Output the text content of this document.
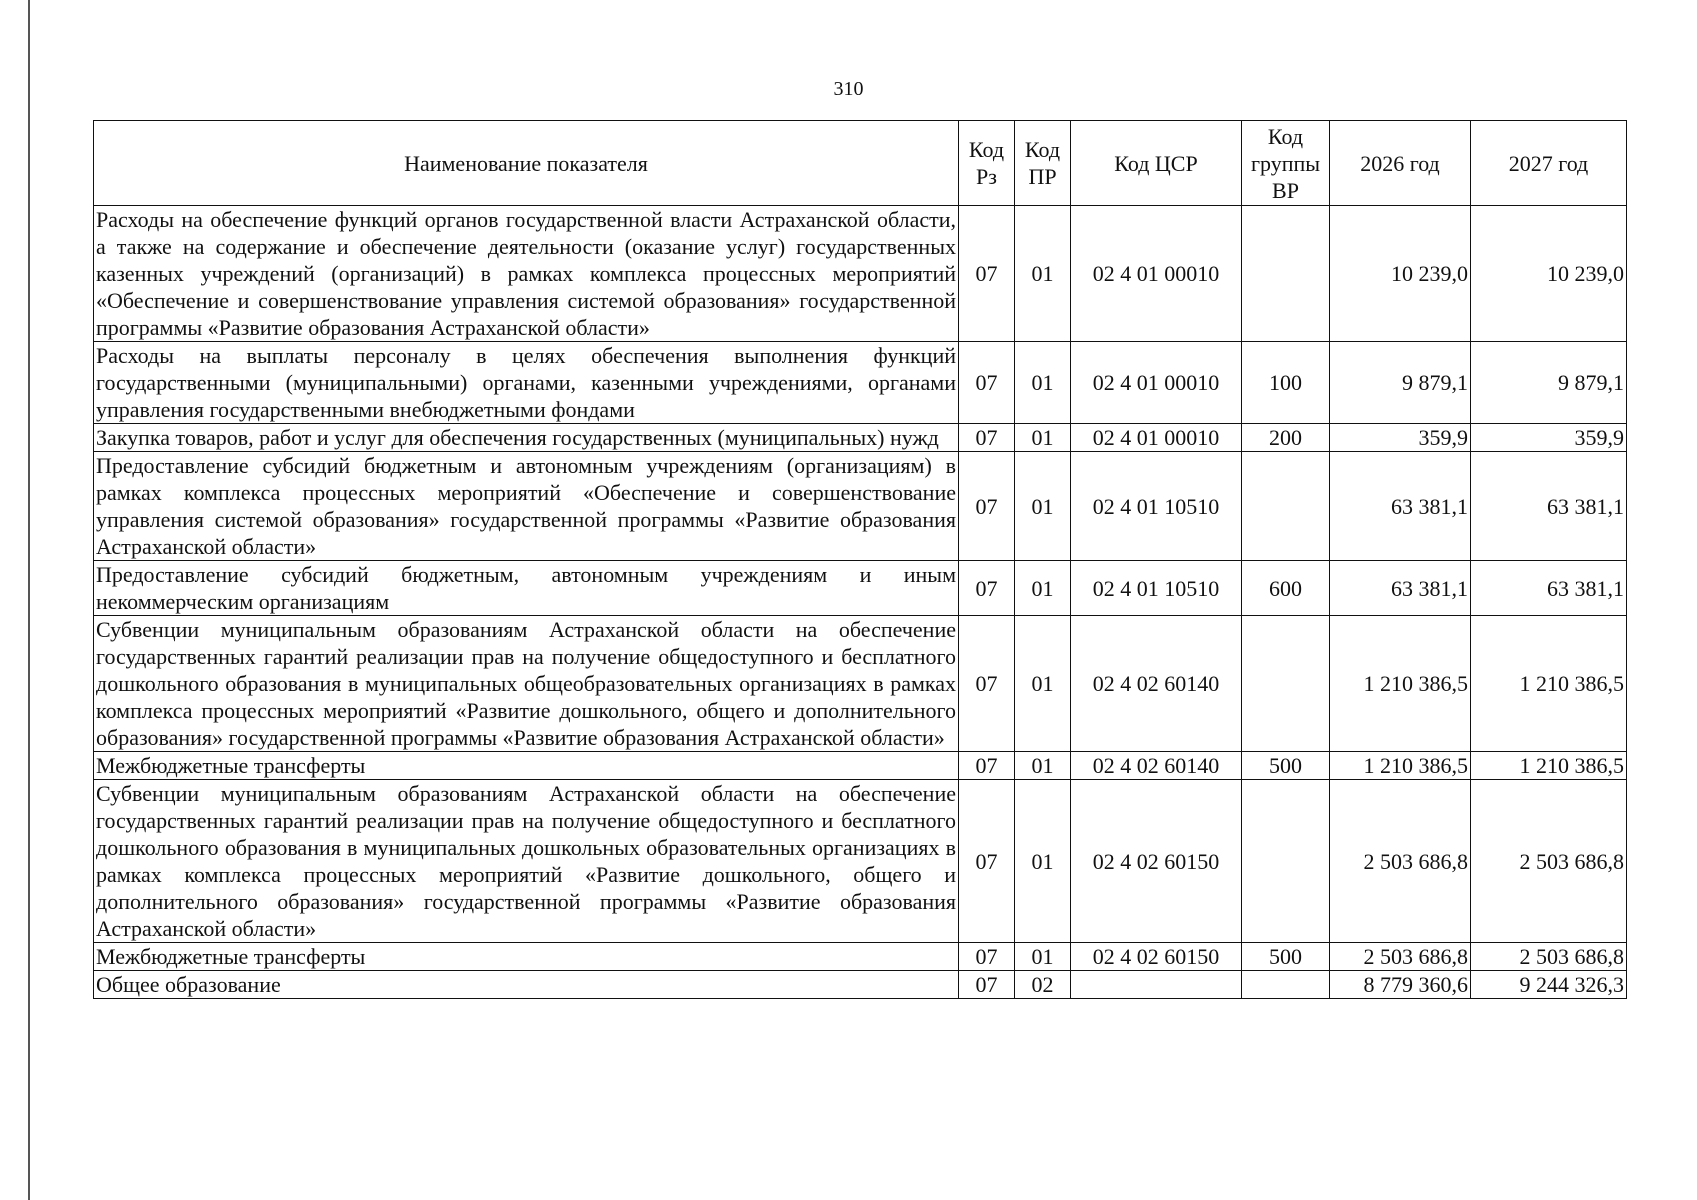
310
Наименование показателя	Код Рз	Код ПР	Код ЦСР	Код группы ВР	2026 год	2027 год
Расходы на обеспечение функций органов государственной власти Астраханской области, а также на содержание и обеспечение деятельности (оказание услуг) государственных казенных учреждений (организаций) в рамках комплекса процессных мероприятий «Обеспечение и совершенствование управления системой образования» государственной программы «Развитие образования Астраханской области»	07	01	02 4 01 00010		10 239,0	10 239,0
Расходы на выплаты персоналу в целях обеспечения выполнения функций государственными (муниципальными) органами, казенными учреждениями, органами управления государственными внебюджетными фондами	07	01	02 4 01 00010	100	9 879,1	9 879,1
Закупка товаров, работ и услуг для обеспечения государственных (муниципальных) нужд	07	01	02 4 01 00010	200	359,9	359,9
Предоставление субсидий бюджетным и автономным учреждениям (организациям) в рамках комплекса процессных мероприятий «Обеспечение и совершенствование управления системой образования» государственной программы «Развитие образования Астраханской области»	07	01	02 4 01 10510		63 381,1	63 381,1
Предоставление субсидий бюджетным, автономным учреждениям и иным некоммерческим организациям	07	01	02 4 01 10510	600	63 381,1	63 381,1
Субвенции муниципальным образованиям Астраханской области на обеспечение государственных гарантий реализации прав на получение общедоступного и бесплатного дошкольного образования в муниципальных общеобразовательных организациях в рамках комплекса процессных мероприятий «Развитие дошкольного, общего и дополнительного образования» государственной программы «Развитие образования Астраханской области»	07	01	02 4 02 60140		1 210 386,5	1 210 386,5
Межбюджетные трансферты	07	01	02 4 02 60140	500	1 210 386,5	1 210 386,5
Субвенции муниципальным образованиям Астраханской области на обеспечение государственных гарантий реализации прав на получение общедоступного и бесплатного дошкольного образования в муниципальных дошкольных образовательных организациях в рамках комплекса процессных мероприятий «Развитие дошкольного, общего и дополнительного образования» государственной программы «Развитие образования Астраханской области»	07	01	02 4 02 60150		2 503 686,8	2 503 686,8
Межбюджетные трансферты	07	01	02 4 02 60150	500	2 503 686,8	2 503 686,8
Общее образование	07	02			8 779 360,6	9 244 326,3
